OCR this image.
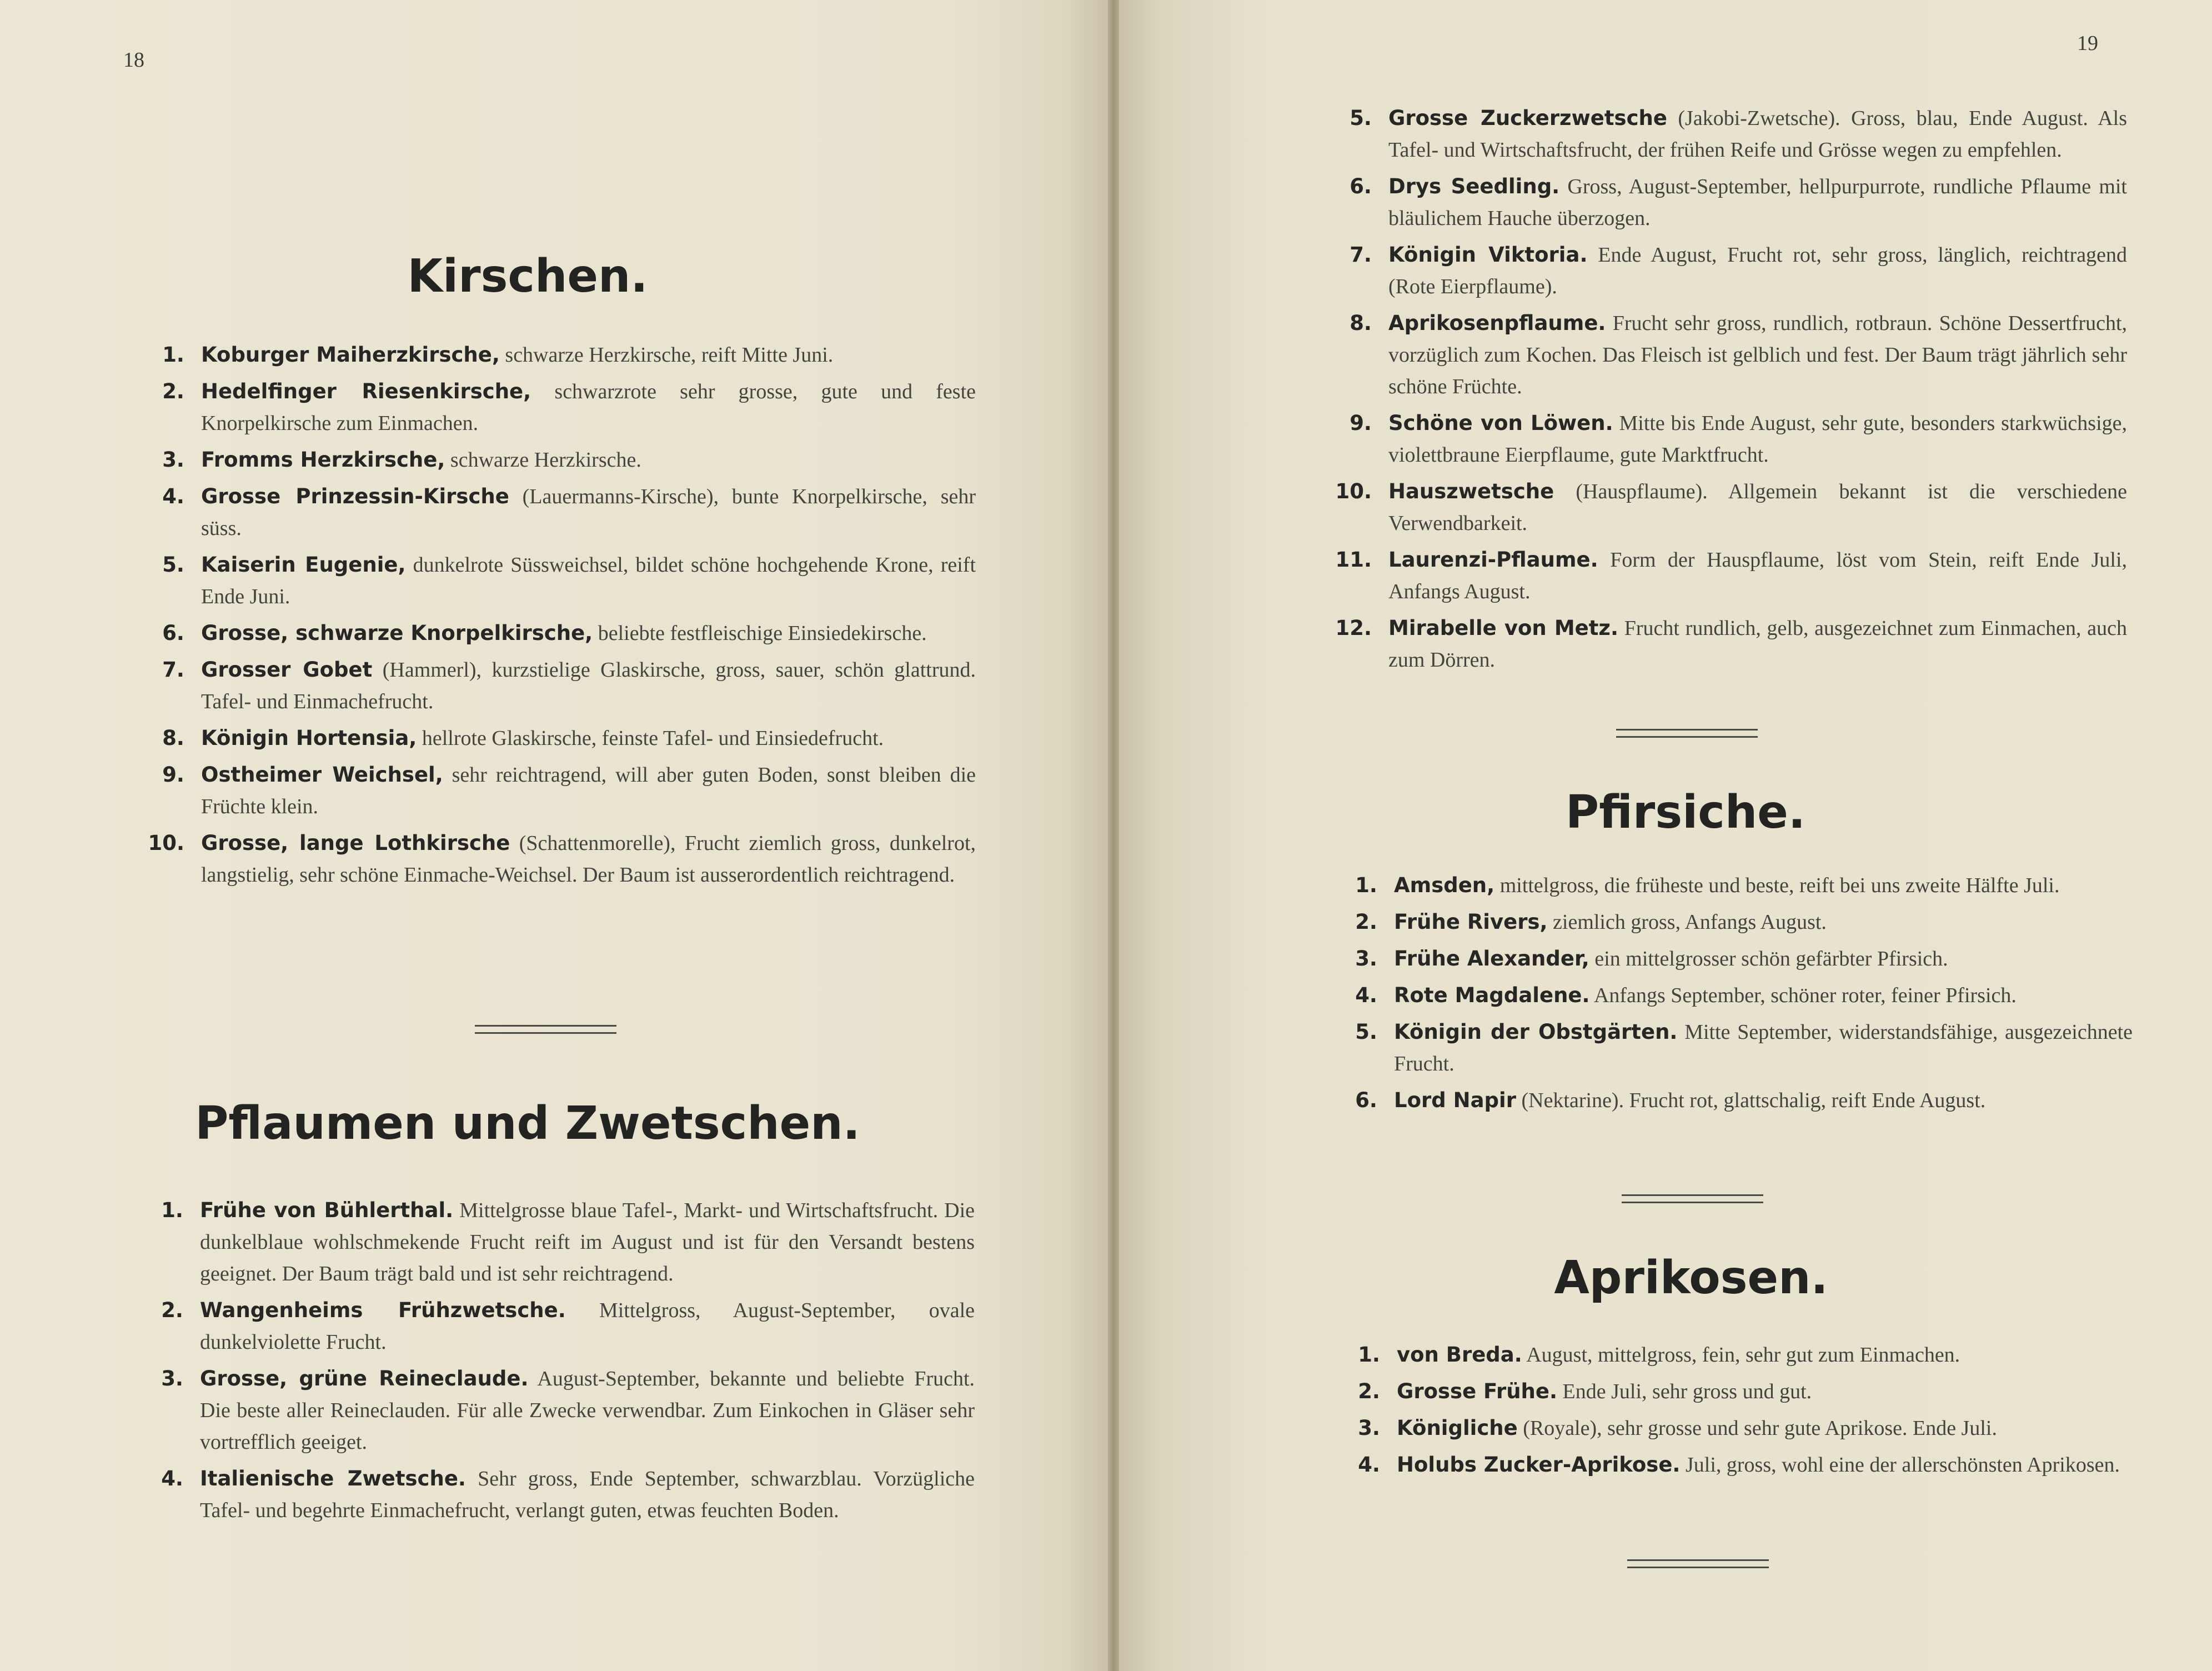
18
Kirschen.
1. Koburger Maiherzkirsche, schwarze Herzkirsche, reift Mitte Juni.
2. Hedelfinger Riesenkirsche, schwarzrote sehr grosse, gute und feste Knorpelkirsche zum Einmachen.
3. Fromms Herzkirsche, schwarze Herzkirsche.
4. Grosse Prinzessin-Kirsche (Lauermanns-Kirsche), bunte Knorpelkirsche, sehr süss.
5. Kaiserin Eugenie, dunkelrote Süssweichsel, bildet schöne hochgehende Krone, reift Ende Juni.
6. Grosse, schwarze Knorpelkirsche, beliebte festfleischige Einsiedekirsche.
7. Grosser Gobet (Hammerl), kurzstielige Glaskirsche, gross, sauer, schön glattrund. Tafel- und Einmachefrucht.
8. Königin Hortensia, hellrote Glaskirsche, feinste Tafel- und Einsiedefrucht.
9. Ostheimer Weichsel, sehr reichtragend, will aber guten Boden, sonst bleiben die Früchte klein.
10. Grosse, lange Lothkirsche (Schattenmorelle), Frucht ziemlich gross, dunkelrot, langstielig, sehr schöne Einmache-Weichsel. Der Baum ist ausserordentlich reichtragend.
Pflaumen und Zwetschen.
1. Frühe von Bühlerthal. Mittelgrosse blaue Tafel-, Markt- und Wirtschaftsfrucht. Die dunkelblaue wohlschmekende Frucht reift im August und ist für den Versandt bestens geeignet. Der Baum trägt bald und ist sehr reichtragend.
2. Wangenheims Frühzwetsche. Mittelgross, August-September, ovale dunkelviolette Frucht.
3. Grosse, grüne Reineclaude. August-September, bekannte und beliebte Frucht. Die beste aller Reineclauden. Für alle Zwecke verwendbar. Zum Einkochen in Gläser sehr vortrefflich geeiget.
4. Italienische Zwetsche. Sehr gross, Ende September, schwarzblau. Vorzügliche Tafel- und begehrte Einmachefrucht, verlangt guten, etwas feuchten Boden.
19
5. Grosse Zuckerzwetsche (Jakobi-Zwetsche). Gross, blau, Ende August. Als Tafel- und Wirtschaftsfrucht, der frühen Reife und Grösse wegen zu empfehlen.
6. Drys Seedling. Gross, August-September, hellpurpurrote, rundliche Pflaume mit bläulichem Hauche überzogen.
7. Königin Viktoria. Ende August, Frucht rot, sehr gross, länglich, reichtragend (Rote Eierpflaume).
8. Aprikosenpflaume. Frucht sehr gross, rundlich, rotbraun. Schöne Dessertfrucht, vorzüglich zum Kochen. Das Fleisch ist gelblich und fest. Der Baum trägt jährlich sehr schöne Früchte.
9. Schöne von Löwen. Mitte bis Ende August, sehr gute, besonders starkwüchsige, violettbraune Eierpflaume, gute Marktfrucht.
10. Hauszwetsche (Hauspflaume). Allgemein bekannt ist die verschiedene Verwendbarkeit.
11. Laurenzi-Pflaume. Form der Hauspflaume, löst vom Stein, reift Ende Juli, Anfangs August.
12. Mirabelle von Metz. Frucht rundlich, gelb, ausgezeichnet zum Einmachen, auch zum Dörren.
Pfirsiche.
1. Amsden, mittelgross, die früheste und beste, reift bei uns zweite Hälfte Juli.
2. Frühe Rivers, ziemlich gross, Anfangs August.
3. Frühe Alexander, ein mittelgrosser schön gefärbter Pfirsich.
4. Rote Magdalene. Anfangs September, schöner roter, feiner Pfirsich.
5. Königin der Obstgärten. Mitte September, widerstandsfähige, ausgezeichnete Frucht.
6. Lord Napir (Nektarine). Frucht rot, glattschalig, reift Ende August.
Aprikosen.
1. von Breda. August, mittelgross, fein, sehr gut zum Einmachen.
2. Grosse Frühe. Ende Juli, sehr gross und gut.
3. Königliche (Royale), sehr grosse und sehr gute Aprikose. Ende Juli.
4. Holubs Zucker-Aprikose. Juli, gross, wohl eine der allerschönsten Aprikosen.
